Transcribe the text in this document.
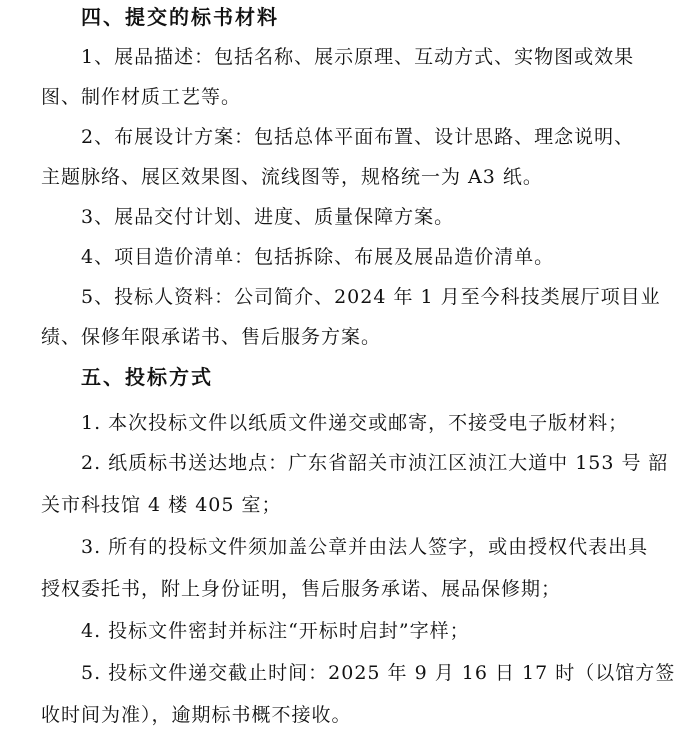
四、提交的标书材料
1、展品描述：包括名称、展示原理、互动方式、实物图或效果
图、制作材质工艺等。
2、布展设计方案：包括总体平面布置、设计思路、理念说明、
主题脉络、展区效果图、流线图等，规格统一为 A3 纸。
3、展品交付计划、进度、质量保障方案。
4、项目造价清单：包括拆除、布展及展品造价清单。
5、投标人资料：公司简介、2024 年 1 月至今科技类展厅项目业
绩、保修年限承诺书、售后服务方案。
五、投标方式
1. 本次投标文件以纸质文件递交或邮寄，不接受电子版材料；
2. 纸质标书送达地点：广东省韶关市浈江区浈江大道中 153 号 韶
关市科技馆 4 楼 405 室；
3. 所有的投标文件须加盖公章并由法人签字，或由授权代表出具
授权委托书，附上身份证明，售后服务承诺、展品保修期；
4. 投标文件密封并标注“开标时启封”字样；
5. 投标文件递交截止时间：2025 年 9 月 16 日 17 时（以馆方签
收时间为准），逾期标书概不接收。
